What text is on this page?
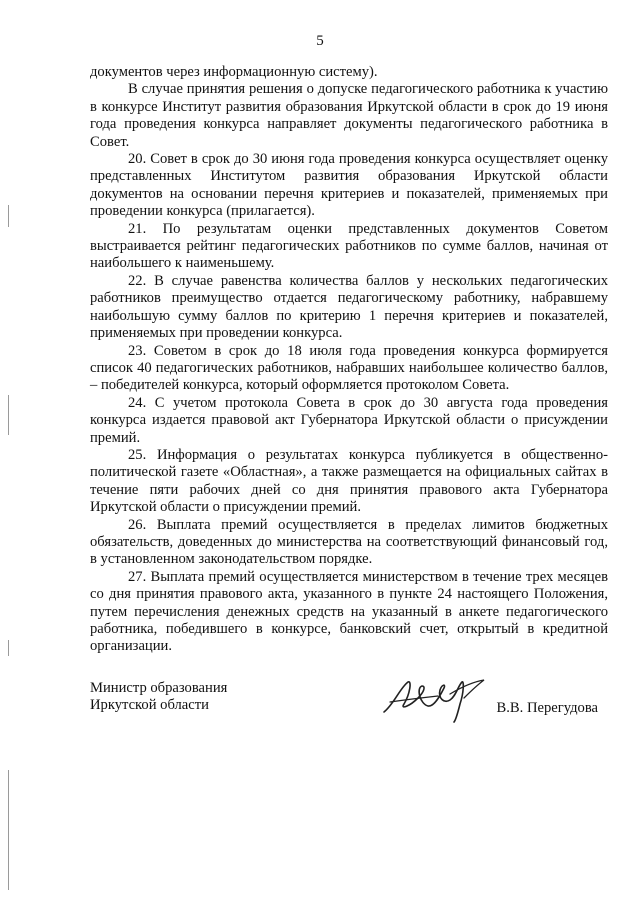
5

документов через информационную систему).

В случае принятия решения о допуске педагогического работника к участию в конкурсе Институт развития образования Иркутской области в срок до 19 июня года проведения конкурса направляет документы педагогического работника в Совет.

20. Совет в срок до 30 июня года проведения конкурса осуществляет оценку представленных Институтом развития образования Иркутской области документов на основании перечня критериев и показателей, применяемых при проведении конкурса (прилагается).

21. По результатам оценки представленных документов Советом выстраивается рейтинг педагогических работников по сумме баллов, начиная от наибольшего к наименьшему.

22. В случае равенства количества баллов у нескольких педагогических работников преимущество отдается педагогическому работнику, набравшему наибольшую сумму баллов по критерию 1 перечня критериев и показателей, применяемых при проведении конкурса.

23. Советом в срок до 18 июля года проведения конкурса формируется список 40 педагогических работников, набравших наибольшее количество баллов, – победителей конкурса, который оформляется протоколом Совета.

24. С учетом протокола Совета в срок до 30 августа года проведения конкурса издается правовой акт Губернатора Иркутской области о присуждении премий.

25. Информация о результатах конкурса публикуется в общественно-политической газете «Областная», а также размещается на официальных сайтах в течение пяти рабочих дней со дня принятия правового акта Губернатора Иркутской области о присуждении премий.

26. Выплата премий осуществляется в пределах лимитов бюджетных обязательств, доведенных до министерства на соответствующий финансовый год, в установленном законодательством порядке.

27. Выплата премий осуществляется министерством в течение трех месяцев со дня принятия правового акта, указанного в пункте 24 настоящего Положения, путем перечисления денежных средств на указанный в анкете педагогического работника, победившего в конкурсе, банковский счет, открытый в кредитной организации.

Министр образования
Иркутской области	В.В. Перегудова
